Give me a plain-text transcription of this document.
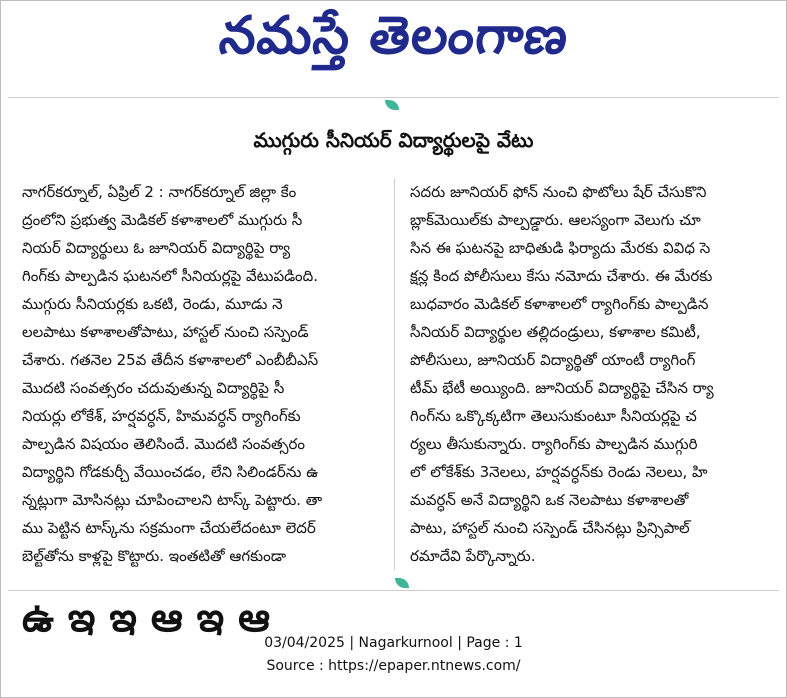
నమస్తే తెలంగాణ
ముగ్గురు సీనియర్ విద్యార్థులపై వేటు

నాగర్‌కర్నూల్, ఏప్రిల్ 2 : నాగర్‌కర్నూల్ జిల్లా కేం

ద్రంలోని ప్రభుత్వ మెడికల్ కళాశాలలో ముగ్గురు సీ

నియర్ విద్యార్థులు ఓ జూనియర్ విద్యార్థిపై ర్యా

గింగ్‌కు పాల్పడిన ఘటనలో సీనియర్లపై వేటుపడింది.

ముగ్గురు సీనియర్లకు ఒకటి, రెండు, మూడు నె

లలపాటు కళాశాలతోపాటు, హాస్టల్ నుంచి సస్పెండ్

చేశారు. గతనెల 25వ తేదీన కళాశాలలో ఎంబీబీఎస్

మొదటి సంవత్సరం చదువుతున్న విద్యార్థిపై సీ

నియర్లు లోకేశ్, హర్షవర్ధన్, హిమవర్ధన్ ర్యాగింగ్‌కు

పాల్పడిన విషయం తెలిసిందే. మొదటి సంవత్సరం

విద్యార్థిని గోడకుర్చీ వేయించడం, లేని సిలిండర్‌ను ఉ

న్నట్లుగా మోసినట్లు చూపించాలని టాస్క్ పెట్టారు. తా

ము పెట్టిన టాస్క్‌ను సక్రమంగా చేయలేదంటూ లెదర్

బెల్ట్‌తోను కాళ్లపై కొట్టారు. ఇంతటితో ఆగకుండా

సదరు జూనియర్ ఫోన్ నుంచి ఫొటోలు షేర్ చేసుకొని

బ్లాక్‌మెయిల్‌కు పాల్పడ్డారు. ఆలస్యంగా వెలుగు చూ

సిన ఈ ఘటనపై బాధితుడి ఫిర్యాదు మేరకు వివిధ సె

క్షన్ల కింద పోలీసులు కేసు నమోదు చేశారు. ఈ మేరకు

బుధవారం మెడికల్ కళాశాలలో ర్యాగింగ్‌కు పాల్పడిన

సీనియర్ విద్యార్థుల తల్లిదండ్రులు, కళాశాల కమిటీ,

పోలీసులు, జూనియర్ విద్యార్థితో యాంటీ ర్యాగింగ్

టీమ్ భేటీ అయ్యింది. జూనియర్ విద్యార్థిపై చేసిన ర్యా

గింగ్‌ను ఒక్కొక్కటిగా తెలుసుకుంటూ సీనియర్లపై చ

ర్యలు తీసుకున్నారు. ర్యాగింగ్‌కు పాల్పడిన ముగ్గురి

లో లోకేశ్‌కు 3నెలలు, హర్షవర్ధన్‌కు రెండు నెలలు, హి

మవర్ధన్ అనే విద్యార్థిని ఒక నెలపాటు కళాశాలతో

పాటు, హాస్టల్ నుంచి సస్పెండ్ చేసినట్లు ప్రిన్సిపాల్

రమాదేవి పేర్కొన్నారు.

ఉ ఇ ఇ ఆ ఇ ఆ
03/04/2025 | Nagarkurnool | Page : 1
Source : https://epaper.ntnews.com/
